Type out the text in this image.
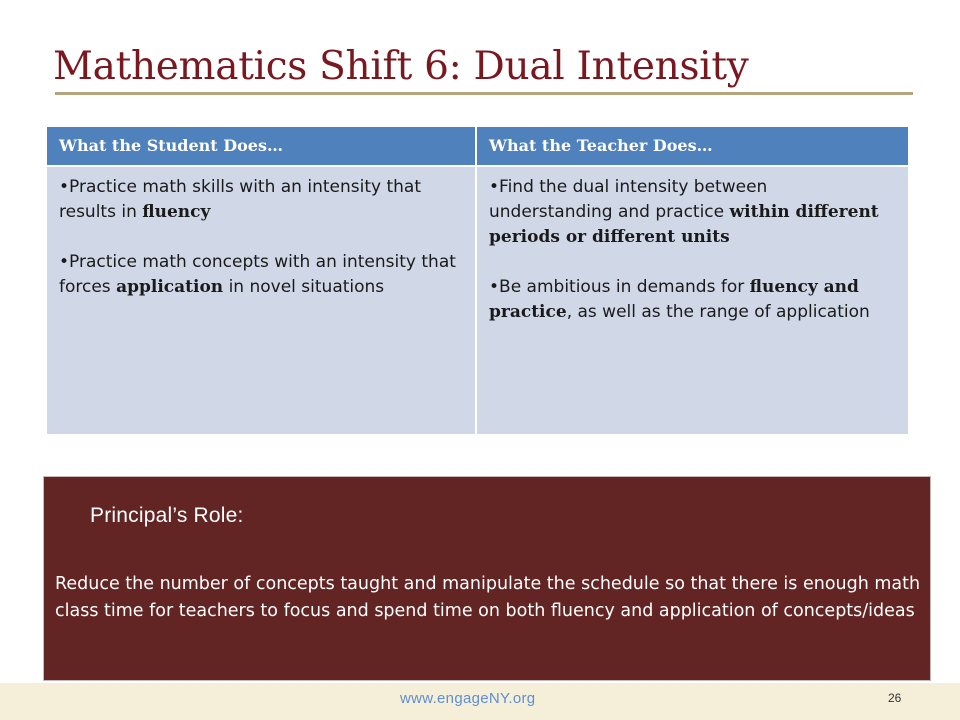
Mathematics Shift 6: Dual Intensity
What the Student Does…	What the Teacher Does…

•Practice math skills with an intensity that results in fluency

•Practice math concepts with an intensity that forces application in novel situations

•Find the dual intensity between understanding and practice within different periods or different units

•Be ambitious in demands for fluency and practice, as well as the range of application

Principal’s Role:

Reduce the number of concepts taught and manipulate the schedule so that there is enough math class time for teachers to focus and spend time on both fluency and application of concepts/ideas

www.engageNY.org	26
